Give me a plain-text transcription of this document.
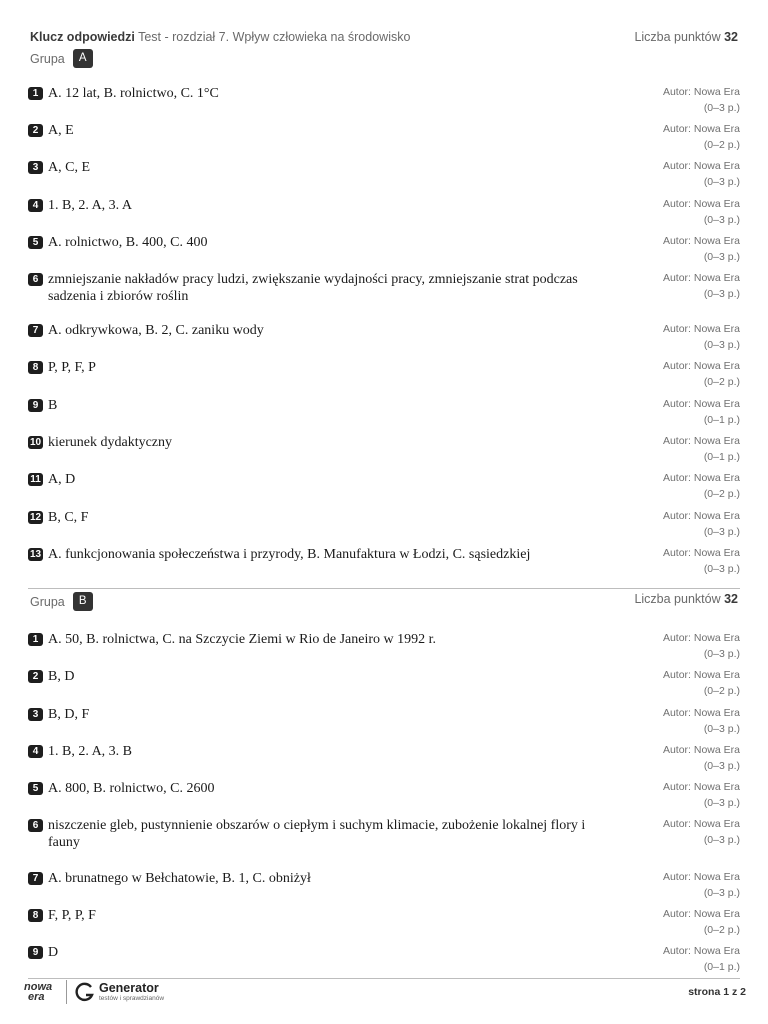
Klucz odpowiedzi Test - rozdział 7. Wpływ człowieka na środowisko	Liczba punktów 32
Grupa	A
1 A. 12 lat, B. rolnictwo, C. 1°C	Autor: Nowa Era
(0–3 p.)
2 A, E	Autor: Nowa Era
(0–2 p.)
3 A, C, E	Autor: Nowa Era
(0–3 p.)
4 1. B, 2. A, 3. A	Autor: Nowa Era
(0–3 p.)
5 A. rolnictwo, B. 400, C. 400	Autor: Nowa Era
(0–3 p.)
6 zmniejszanie nakładów pracy ludzi, zwiększanie wydajności pracy, zmniejszanie strat podczas sadzenia i zbiorów roślin
Autor: Nowa Era
(0–3 p.)
7 A. odkrywkowa, B. 2, C. zaniku wody	Autor: Nowa Era
(0–3 p.)
8 P, P, F, P	Autor: Nowa Era
(0–2 p.)
9 B	Autor: Nowa Era
(0–1 p.)
10 kierunek dydaktyczny	Autor: Nowa Era
(0–1 p.)
11 A, D	Autor: Nowa Era
(0–2 p.)
12 B, C, F	Autor: Nowa Era
(0–3 p.)
13 A. funkcjonowania społeczeństwa i przyrody, B. Manufaktura w Łodzi, C. sąsiedzkiej	Autor: Nowa Era
(0–3 p.)
Grupa	B	Liczba punktów 32
1 A. 50, B. rolnictwa, C. na Szczycie Ziemi w Rio de Janeiro w 1992 r.	Autor: Nowa Era
(0–3 p.)
2 B, D	Autor: Nowa Era
(0–2 p.)
3 B, D, F	Autor: Nowa Era
(0–3 p.)
4 1. B, 2. A, 3. B	Autor: Nowa Era
(0–3 p.)
5 A. 800, B. rolnictwo, C. 2600	Autor: Nowa Era
(0–3 p.)
6 niszczenie gleb, pustynnienie obszarów o ciepłym i suchym klimacie, zubożenie lokalnej flory i fauny
Autor: Nowa Era
(0–3 p.)
7 A. brunatnego w Bełchatowie, B. 1, C. obniżył	Autor: Nowa Era
(0–3 p.)
8 F, P, P, F	Autor: Nowa Era
(0–2 p.)
9 D	Autor: Nowa Era
(0–1 p.)
nowa
era
Generator
testów i sprawdzianów	strona 1 z 2
